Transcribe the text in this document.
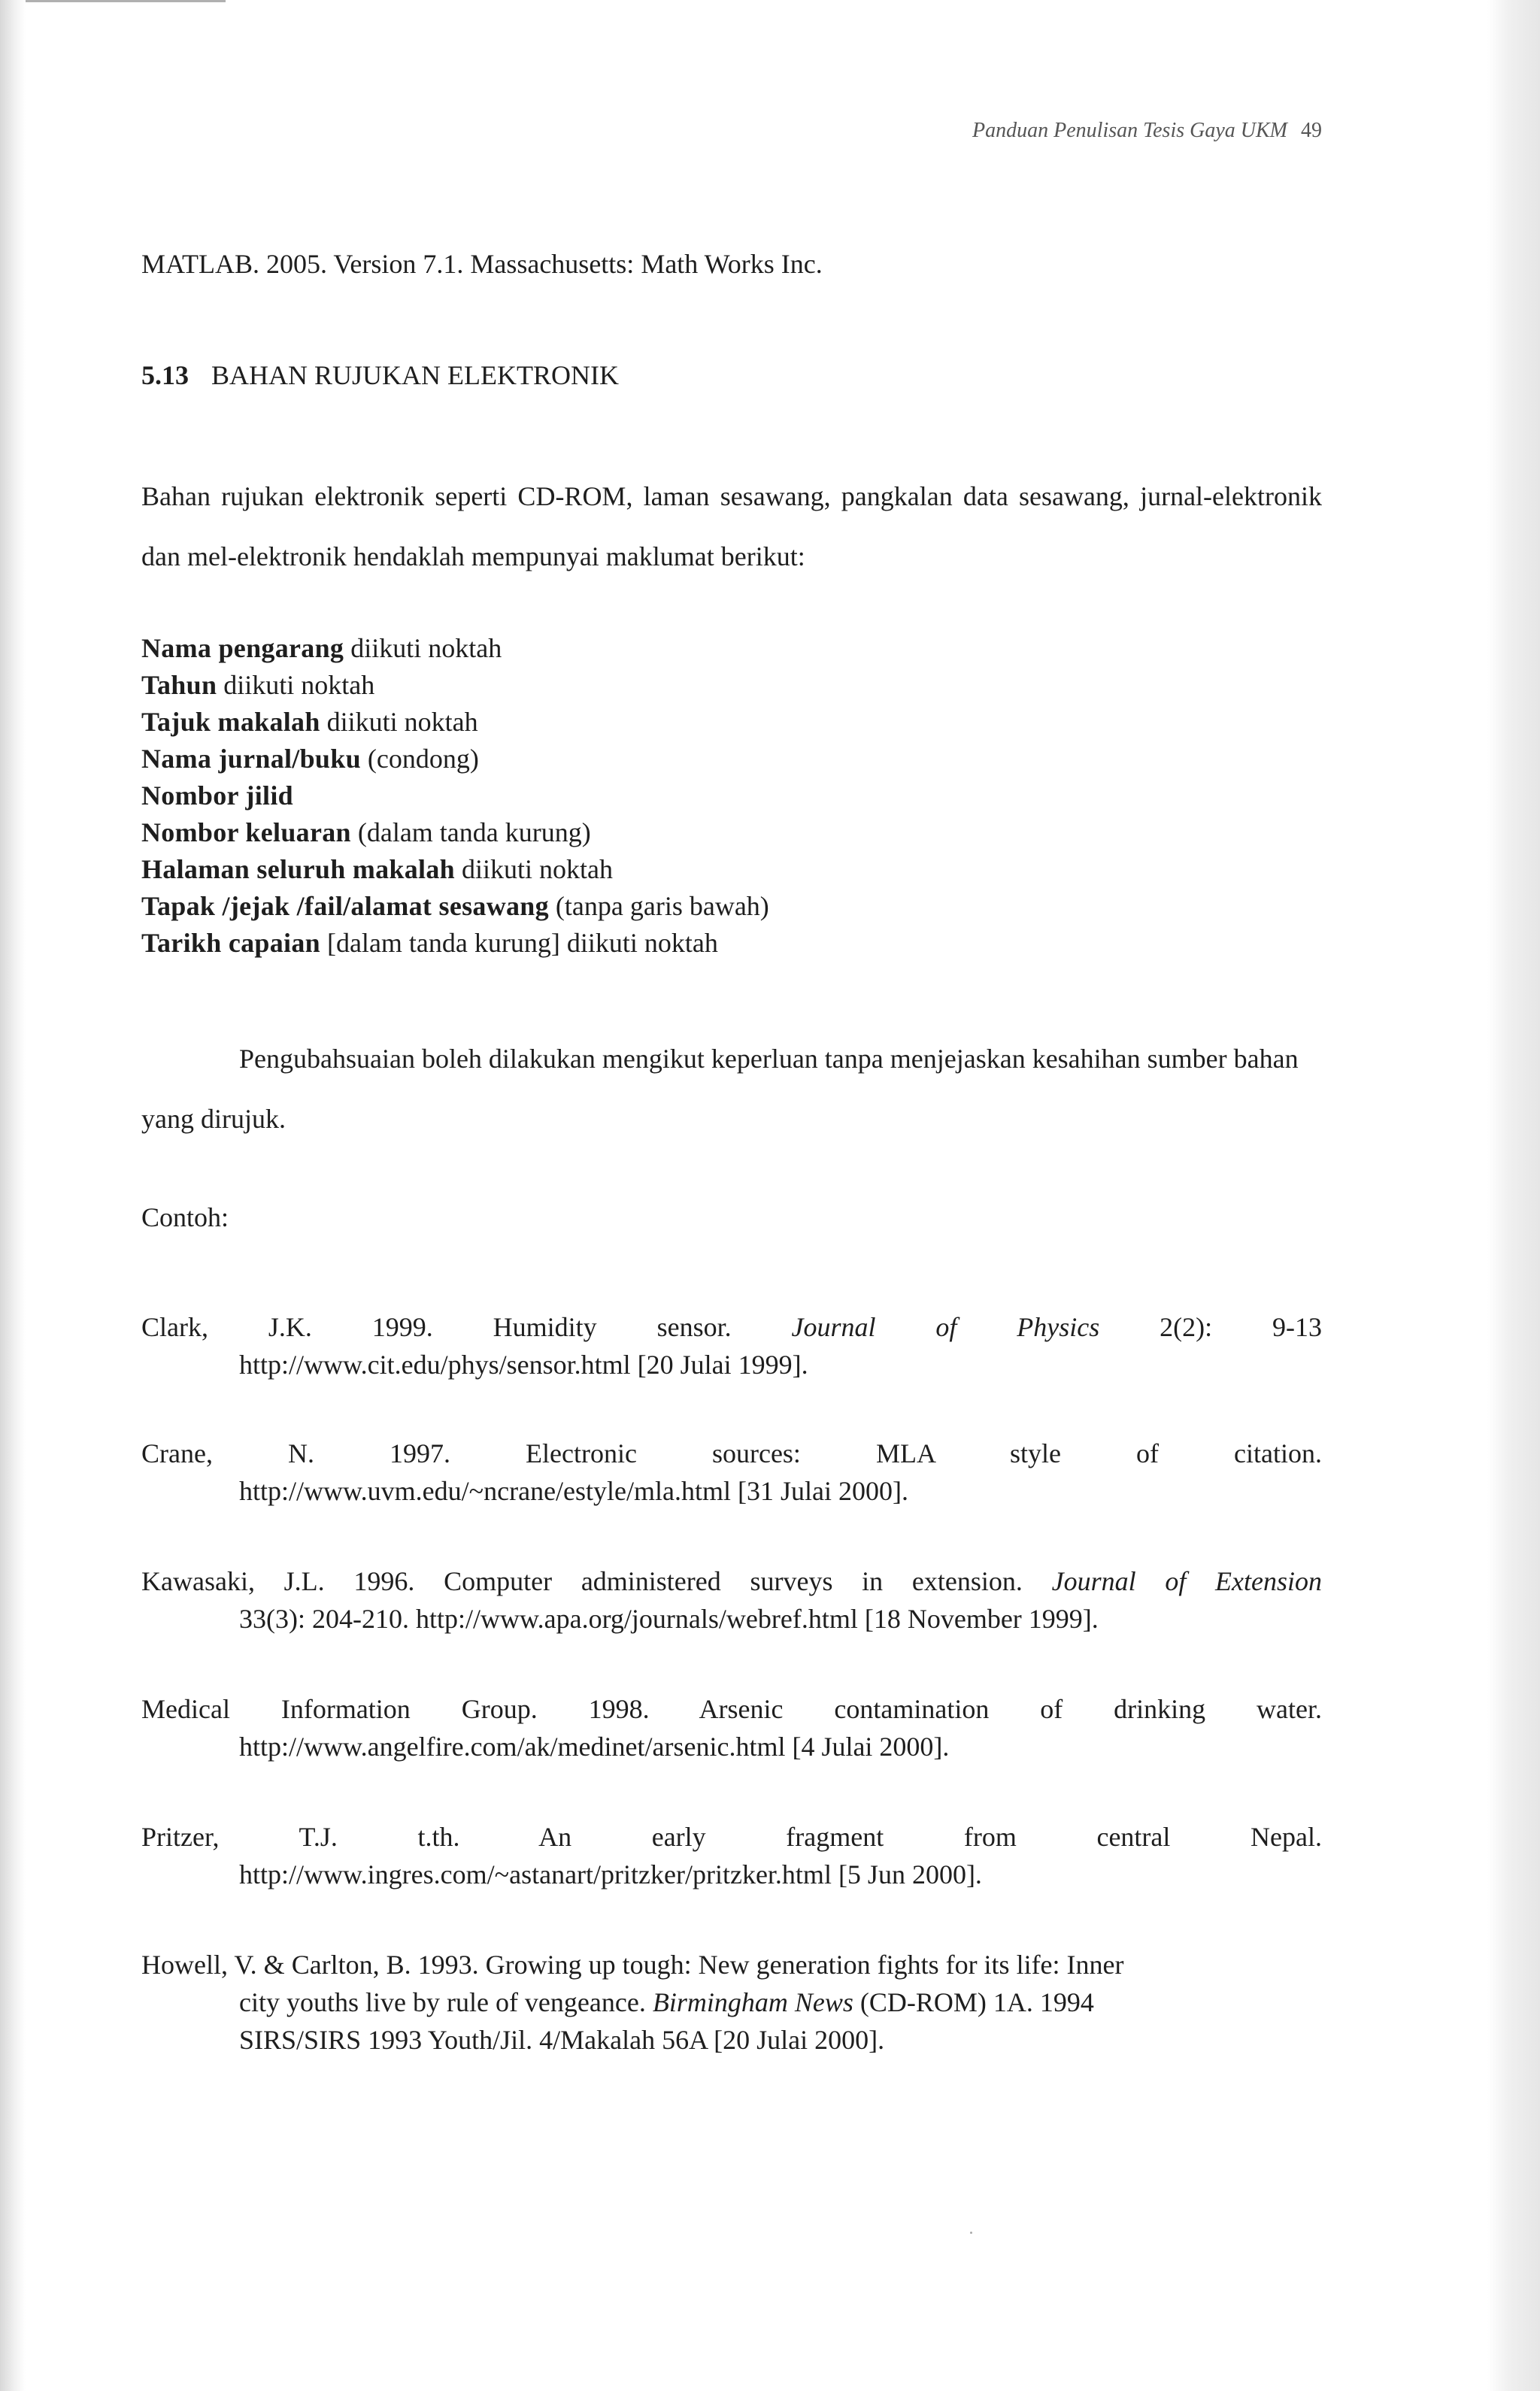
Panduan Penulisan Tesis Gaya UKM 49
MATLAB. 2005. Version 7.1. Massachusetts: Math Works Inc.
5.13 BAHAN RUJUKAN ELEKTRONIK
Bahan rujukan elektronik seperti CD-ROM, laman sesawang, pangkalan data sesawang, jurnal-elektronik dan mel-elektronik hendaklah mempunyai maklumat berikut:
Nama pengarang diikuti noktah
Tahun diikuti noktah
Tajuk makalah diikuti noktah
Nama jurnal/buku (condong)
Nombor jilid
Nombor keluaran (dalam tanda kurung)
Halaman seluruh makalah diikuti noktah
Tapak /jejak /fail/alamat sesawang (tanpa garis bawah)
Tarikh capaian [dalam tanda kurung] diikuti noktah
Pengubahsuaian boleh dilakukan mengikut keperluan tanpa menjejaskan kesahihan sumber bahan yang dirujuk.
Contoh:
Clark, J.K. 1999. Humidity sensor. Journal of Physics 2(2): 9-13
http://www.cit.edu/phys/sensor.html [20 Julai 1999].
Crane, N. 1997. Electronic sources: MLA style of citation.
http://www.uvm.edu/~ncrane/estyle/mla.html [31 Julai 2000].
Kawasaki, J.L. 1996. Computer administered surveys in extension. Journal of Extension
33(3): 204-210. http://www.apa.org/journals/webref.html [18 November 1999].
Medical Information Group. 1998. Arsenic contamination of drinking water.
http://www.angelfire.com/ak/medinet/arsenic.html [4 Julai 2000].
Pritzer, T.J. t.th. An early fragment from central Nepal.
http://www.ingres.com/~astanart/pritzker/pritzker.html [5 Jun 2000].
Howell, V. & Carlton, B. 1993. Growing up tough: New generation fights for its life: Inner
city youths live by rule of vengeance. Birmingham News (CD-ROM) 1A. 1994
SIRS/SIRS 1993 Youth/Jil. 4/Makalah 56A [20 Julai 2000].
